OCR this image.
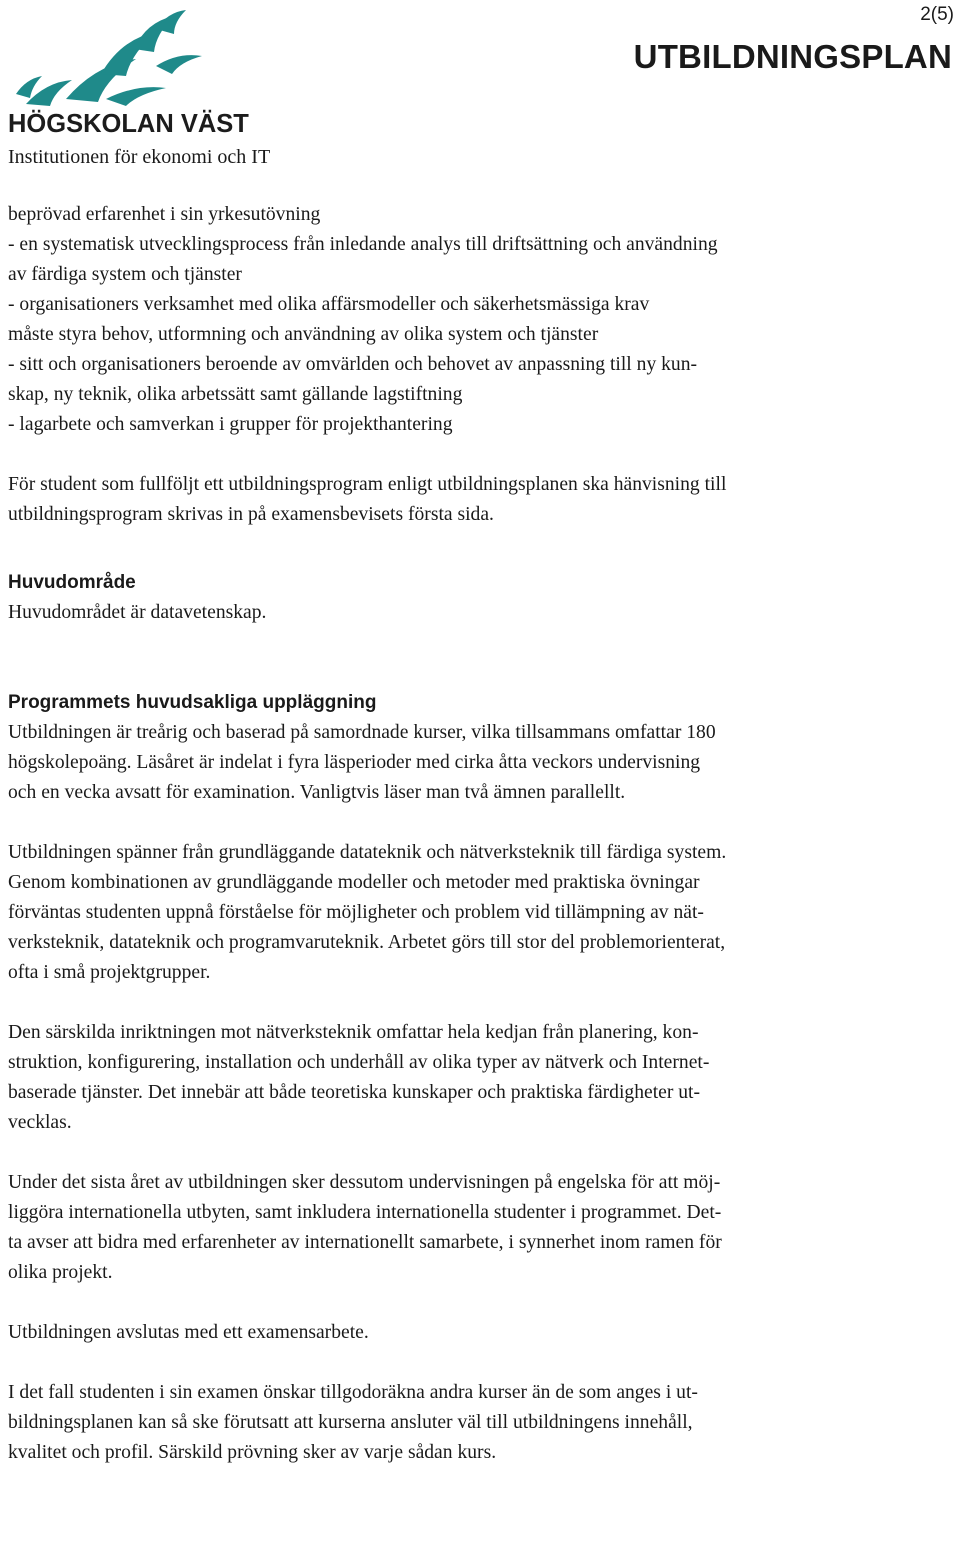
HÖGSKOLAN VÄST
Institutionen för ekonomi och IT
2(5)
UTBILDNINGSPLAN
beprövad erfarenhet i sin yrkesutövning
- en systematisk utvecklingsprocess från inledande analys till driftsättning och användning
av färdiga system och tjänster
- organisationers verksamhet med olika affärsmodeller och säkerhetsmässiga krav
måste styra behov, utformning och användning av olika system och tjänster
- sitt och organisationers beroende av omvärlden och behovet av anpassning till ny kun-
skap, ny teknik, olika arbetssätt samt gällande lagstiftning
- lagarbete och samverkan i grupper för projekthantering
För student som fullföljt ett utbildningsprogram enligt utbildningsplanen ska hänvisning till
utbildningsprogram skrivas in på examensbevisets första sida.
Huvudområde
Huvudområdet är datavetenskap.
Programmets huvudsakliga uppläggning
Utbildningen är treårig och baserad på samordnade kurser, vilka tillsammans omfattar 180
högskolepoäng. Läsåret är indelat i fyra läsperioder med cirka åtta veckors undervisning
och en vecka avsatt för examination. Vanligtvis läser man två ämnen parallellt.
Utbildningen spänner från grundläggande datateknik och nätverksteknik till färdiga system.
Genom kombinationen av grundläggande modeller och metoder med praktiska övningar
förväntas studenten uppnå förståelse för möjligheter och problem vid tillämpning av nät-
verksteknik, datateknik och programvaruteknik. Arbetet görs till stor del problemorienterat,
ofta i små projektgrupper.
Den särskilda inriktningen mot nätverksteknik omfattar hela kedjan från planering, kon-
struktion, konfigurering, installation och underhåll av olika typer av nätverk och Internet-
baserade tjänster. Det innebär att både teoretiska kunskaper och praktiska färdigheter ut-
vecklas.
Under det sista året av utbildningen sker dessutom undervisningen på engelska för att möj-
liggöra internationella utbyten, samt inkludera internationella studenter i programmet. Det-
ta avser att bidra med erfarenheter av internationellt samarbete, i synnerhet inom ramen för
olika projekt.
Utbildningen avslutas med ett examensarbete.
I det fall studenten i sin examen önskar tillgodoräkna andra kurser än de som anges i ut-
bildningsplanen kan så ske förutsatt att kurserna ansluter väl till utbildningens innehåll,
kvalitet och profil. Särskild prövning sker av varje sådan kurs.
